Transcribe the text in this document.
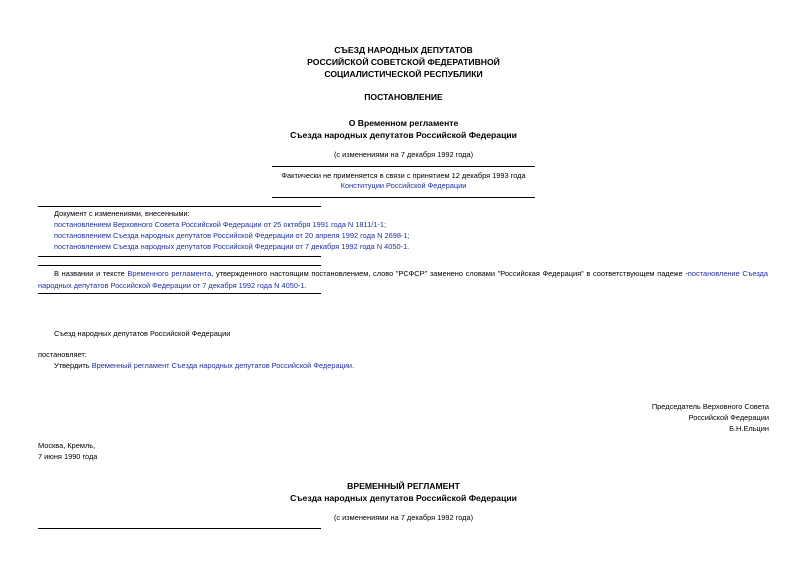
СЪЕЗД НАРОДНЫХ ДЕПУТАТОВ
РОССИЙСКОЙ СОВЕТСКОЙ ФЕДЕРАТИВНОЙ
СОЦИАЛИСТИЧЕСКОЙ РЕСПУБЛИКИ
ПОСТАНОВЛЕНИЕ
О Временном регламенте
Съезда народных депутатов Российской Федерации
(с изменениями на 7 декабря 1992 года)
Фактически не применяется в связи с принятием 12 декабря 1993 года
Конституции Российской Федерации
Документ с изменениями, внесенными:
постановлением Верховного Совета Российской Федерации от 25 октября 1991 года N 1811/1-1;
постановлением Съезда народных депутатов Российской Федерации от 20 апреля 1992 года N 2698-1;
постановлением Съезда народных депутатов Российской Федерации от 7 декабря 1992 года N 4050-1.
В названии и тексте Временного регламента, утвержденного настоящим постановлением, слово "РСФСР" заменено словами "Российская Федерация" в соответствующем падеже -постановление Съезда народных депутатов Российской Федерации от 7 декабря 1992 года N 4050-1.
Съезд народных депутатов Российской Федерации
постановляет:
Утвердить Временный регламент Съезда народных депутатов Российской Федерации.
Председатель Верховного Совета
Российской Федерации
Б.Н.Ельцин
Москва, Кремль,
7 июня 1990 года
ВРЕМЕННЫЙ РЕГЛАМЕНТ
Съезда народных депутатов Российской Федерации
(с изменениями на 7 декабря 1992 года)
